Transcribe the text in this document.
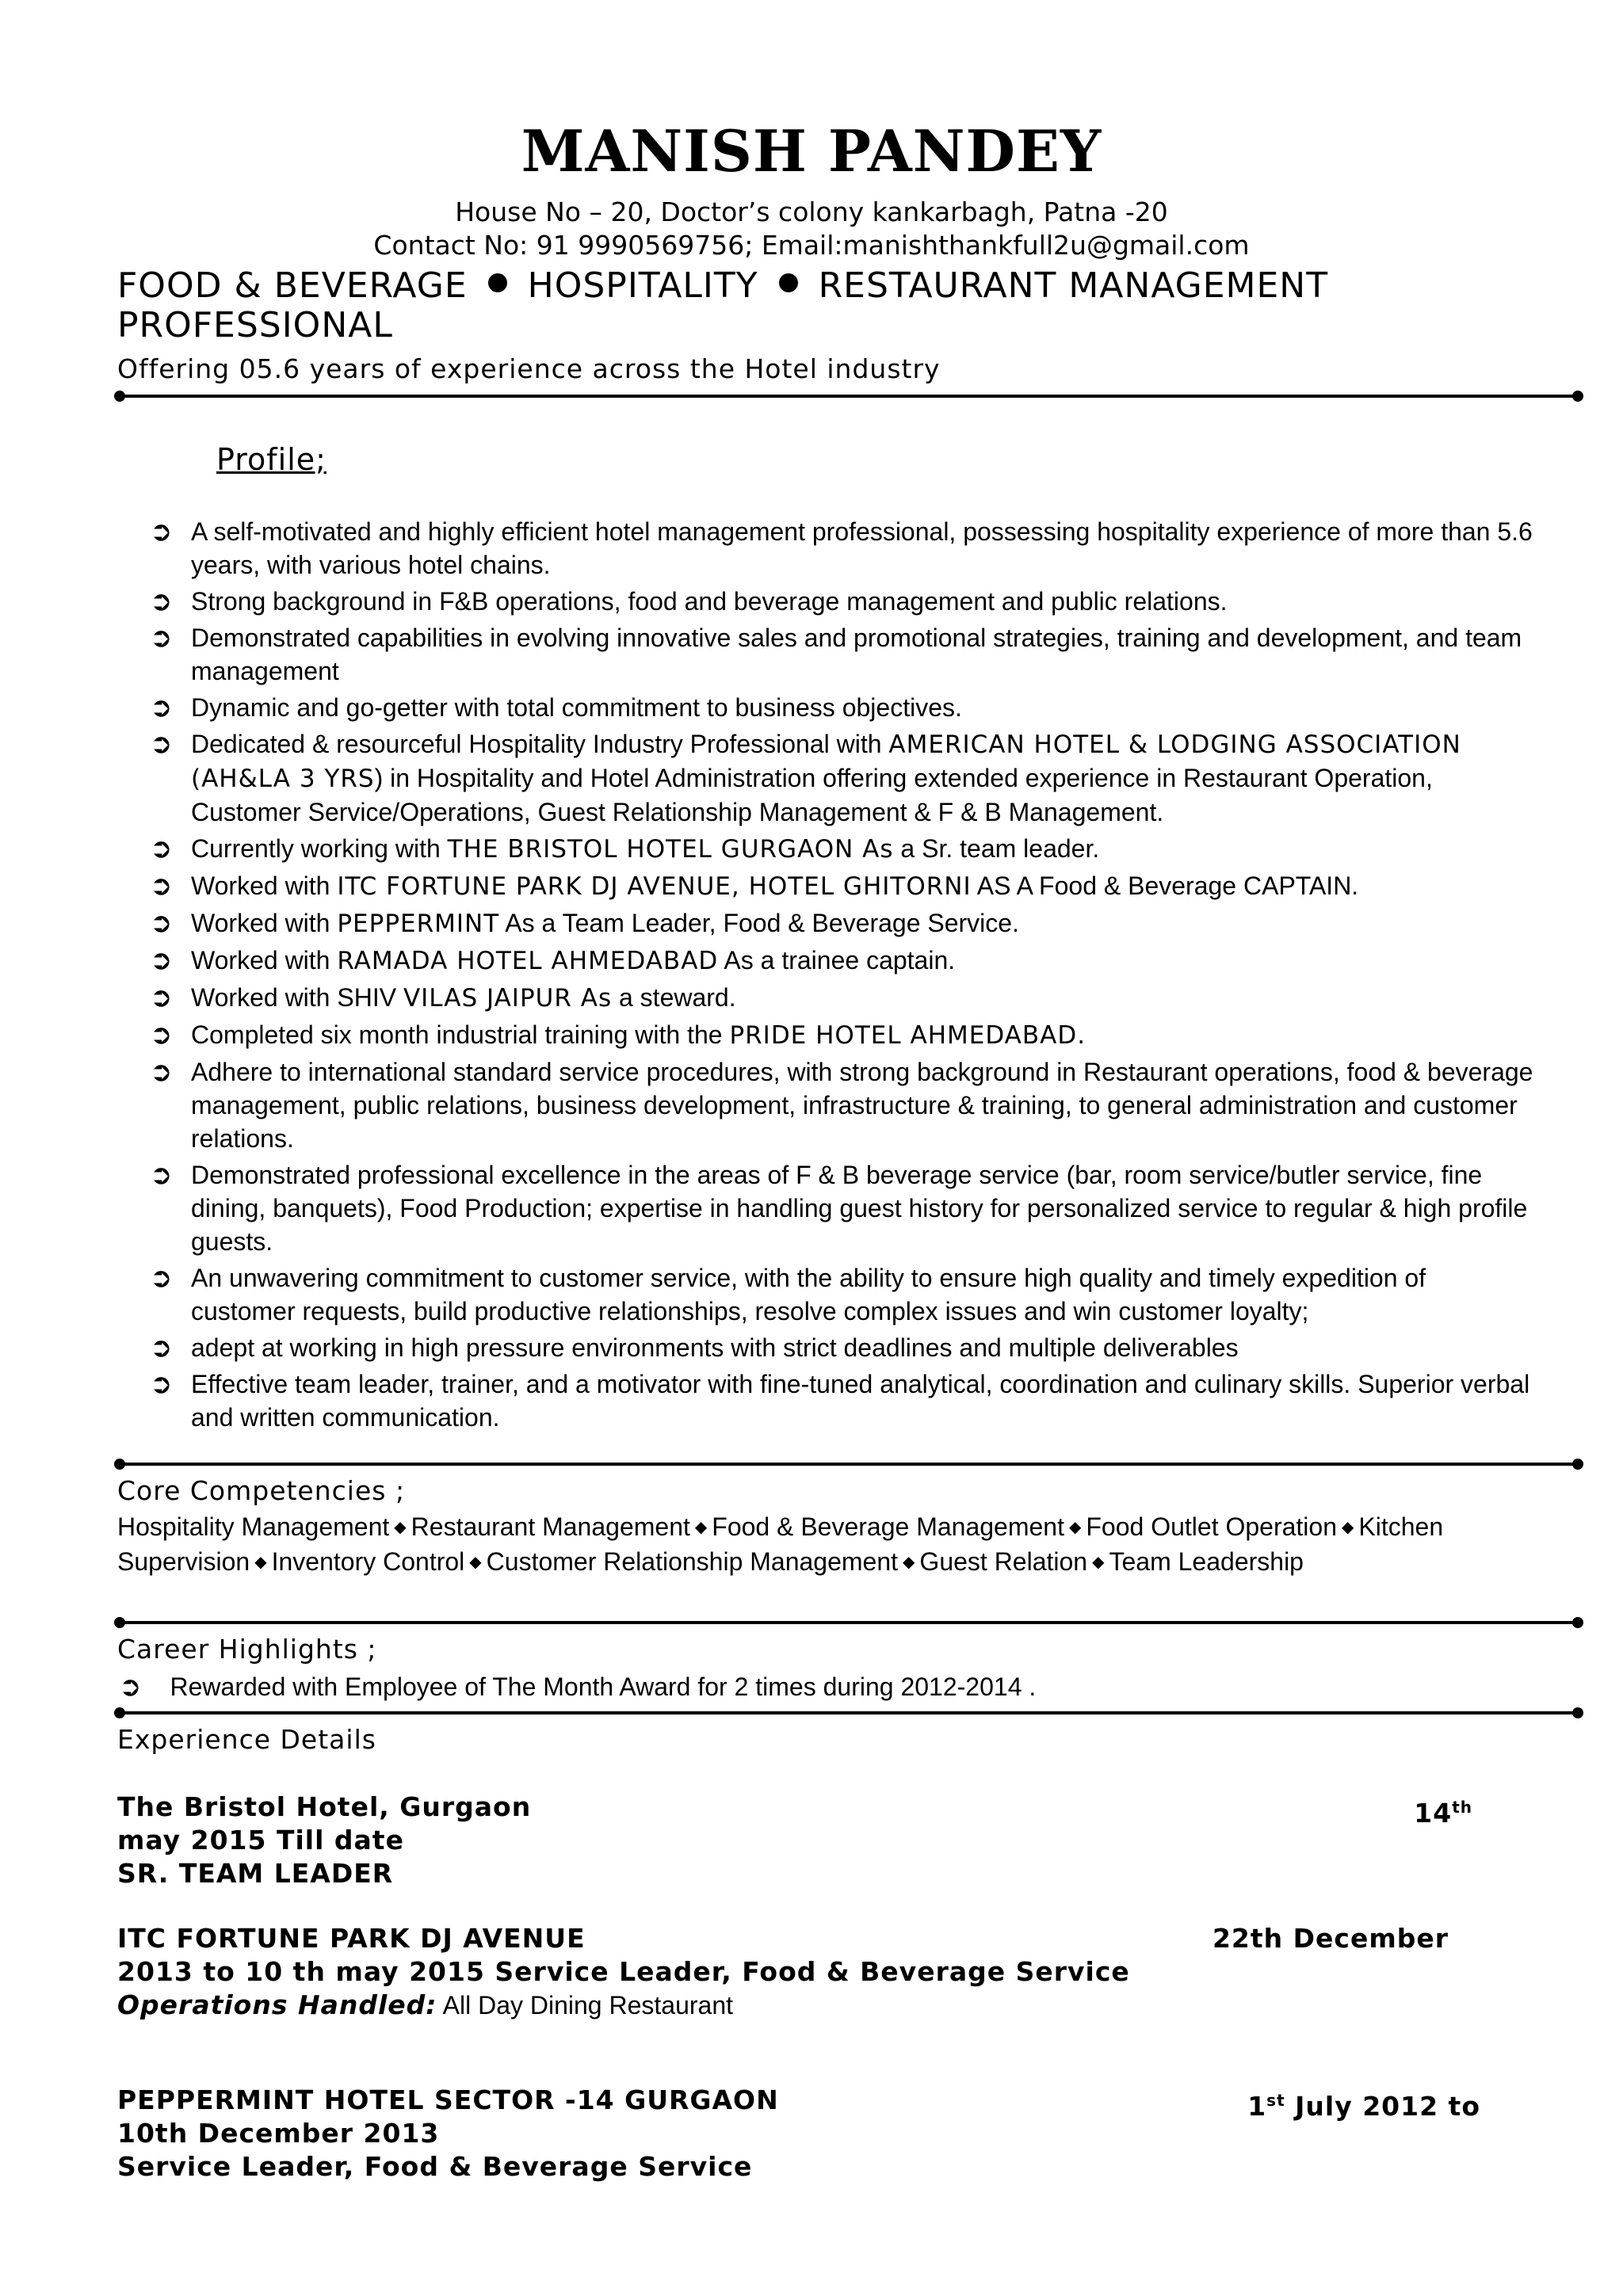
MANISH PANDEY
House No – 20, Doctor’s colony kankarbagh, Patna -20
Contact No: 91 9990569756; Email:manishthankfull2u@gmail.com
FOOD & BEVERAGE HOSPITALITY RESTAURANT MANAGEMENT PROFESSIONAL
Offering 05.6 years of experience across the Hotel industry
Profile;
➲ A self-motivated and highly efficient hotel management professional, possessing hospitality experience of more than 5.6 years, with various hotel chains.
➲ Strong background in F&B operations, food and beverage management and public relations.
➲ Demonstrated capabilities in evolving innovative sales and promotional strategies, training and development, and team management
➲ Dynamic and go-getter with total commitment to business objectives.
➲ Dedicated & resourceful Hospitality Industry Professional with AMERICAN HOTEL & LODGING ASSOCIATION (AH&LA 3 YRS) in Hospitality and Hotel Administration offering extended experience in Restaurant Operation, Customer Service/Operations, Guest Relationship Management & F & B Management.
➲ Currently working with THE BRISTOL HOTEL GURGAON As a Sr. team leader.
➲ Worked with ITC FORTUNE PARK DJ AVENUE, HOTEL GHITORNI AS A Food & Beverage CAPTAIN.
➲ Worked with PEPPERMINT As a Team Leader, Food & Beverage Service.
➲ Worked with RAMADA HOTEL AHMEDABAD As a trainee captain.
➲ Worked with SHIV VILAS JAIPUR As a steward.
➲ Completed six month industrial training with the PRIDE HOTEL AHMEDABAD.
➲ Adhere to international standard service procedures, with strong background in Restaurant operations, food & beverage management, public relations, business development, infrastructure & training, to general administration and customer relations.
➲ Demonstrated professional excellence in the areas of F & B beverage service (bar, room service/butler service, fine dining, banquets), Food Production; expertise in handling guest history for personalized service to regular & high profile guests.
➲ An unwavering commitment to customer service, with the ability to ensure high quality and timely expedition of customer requests, build productive relationships, resolve complex issues and win customer loyalty;
➲ adept at working in high pressure environments with strict deadlines and multiple deliverables
➲ Effective team leader, trainer, and a motivator with fine-tuned analytical, coordination and culinary skills. Superior verbal and written communication.
Core Competencies ;
Hospitality Management ◆ Restaurant Management ◆ Food & Beverage Management ◆ Food Outlet Operation ◆ Kitchen Supervision ◆ Inventory Control ◆ Customer Relationship Management ◆ Guest Relation ◆ Team Leadership
Career Highlights ;
➲ Rewarded with Employee of The Month Award for 2 times during 2012-2014 .
Experience Details
The Bristol Hotel, Gurgaon	14th
may 2015 Till date
SR. TEAM LEADER
ITC FORTUNE PARK DJ AVENUE	22th December
2013 to 10 th may 2015 Service Leader, Food & Beverage Service
Operations Handled: All Day Dining Restaurant
PEPPERMINT HOTEL SECTOR -14 GURGAON	1st July 2012 to
10th December 2013
Service Leader, Food & Beverage Service
